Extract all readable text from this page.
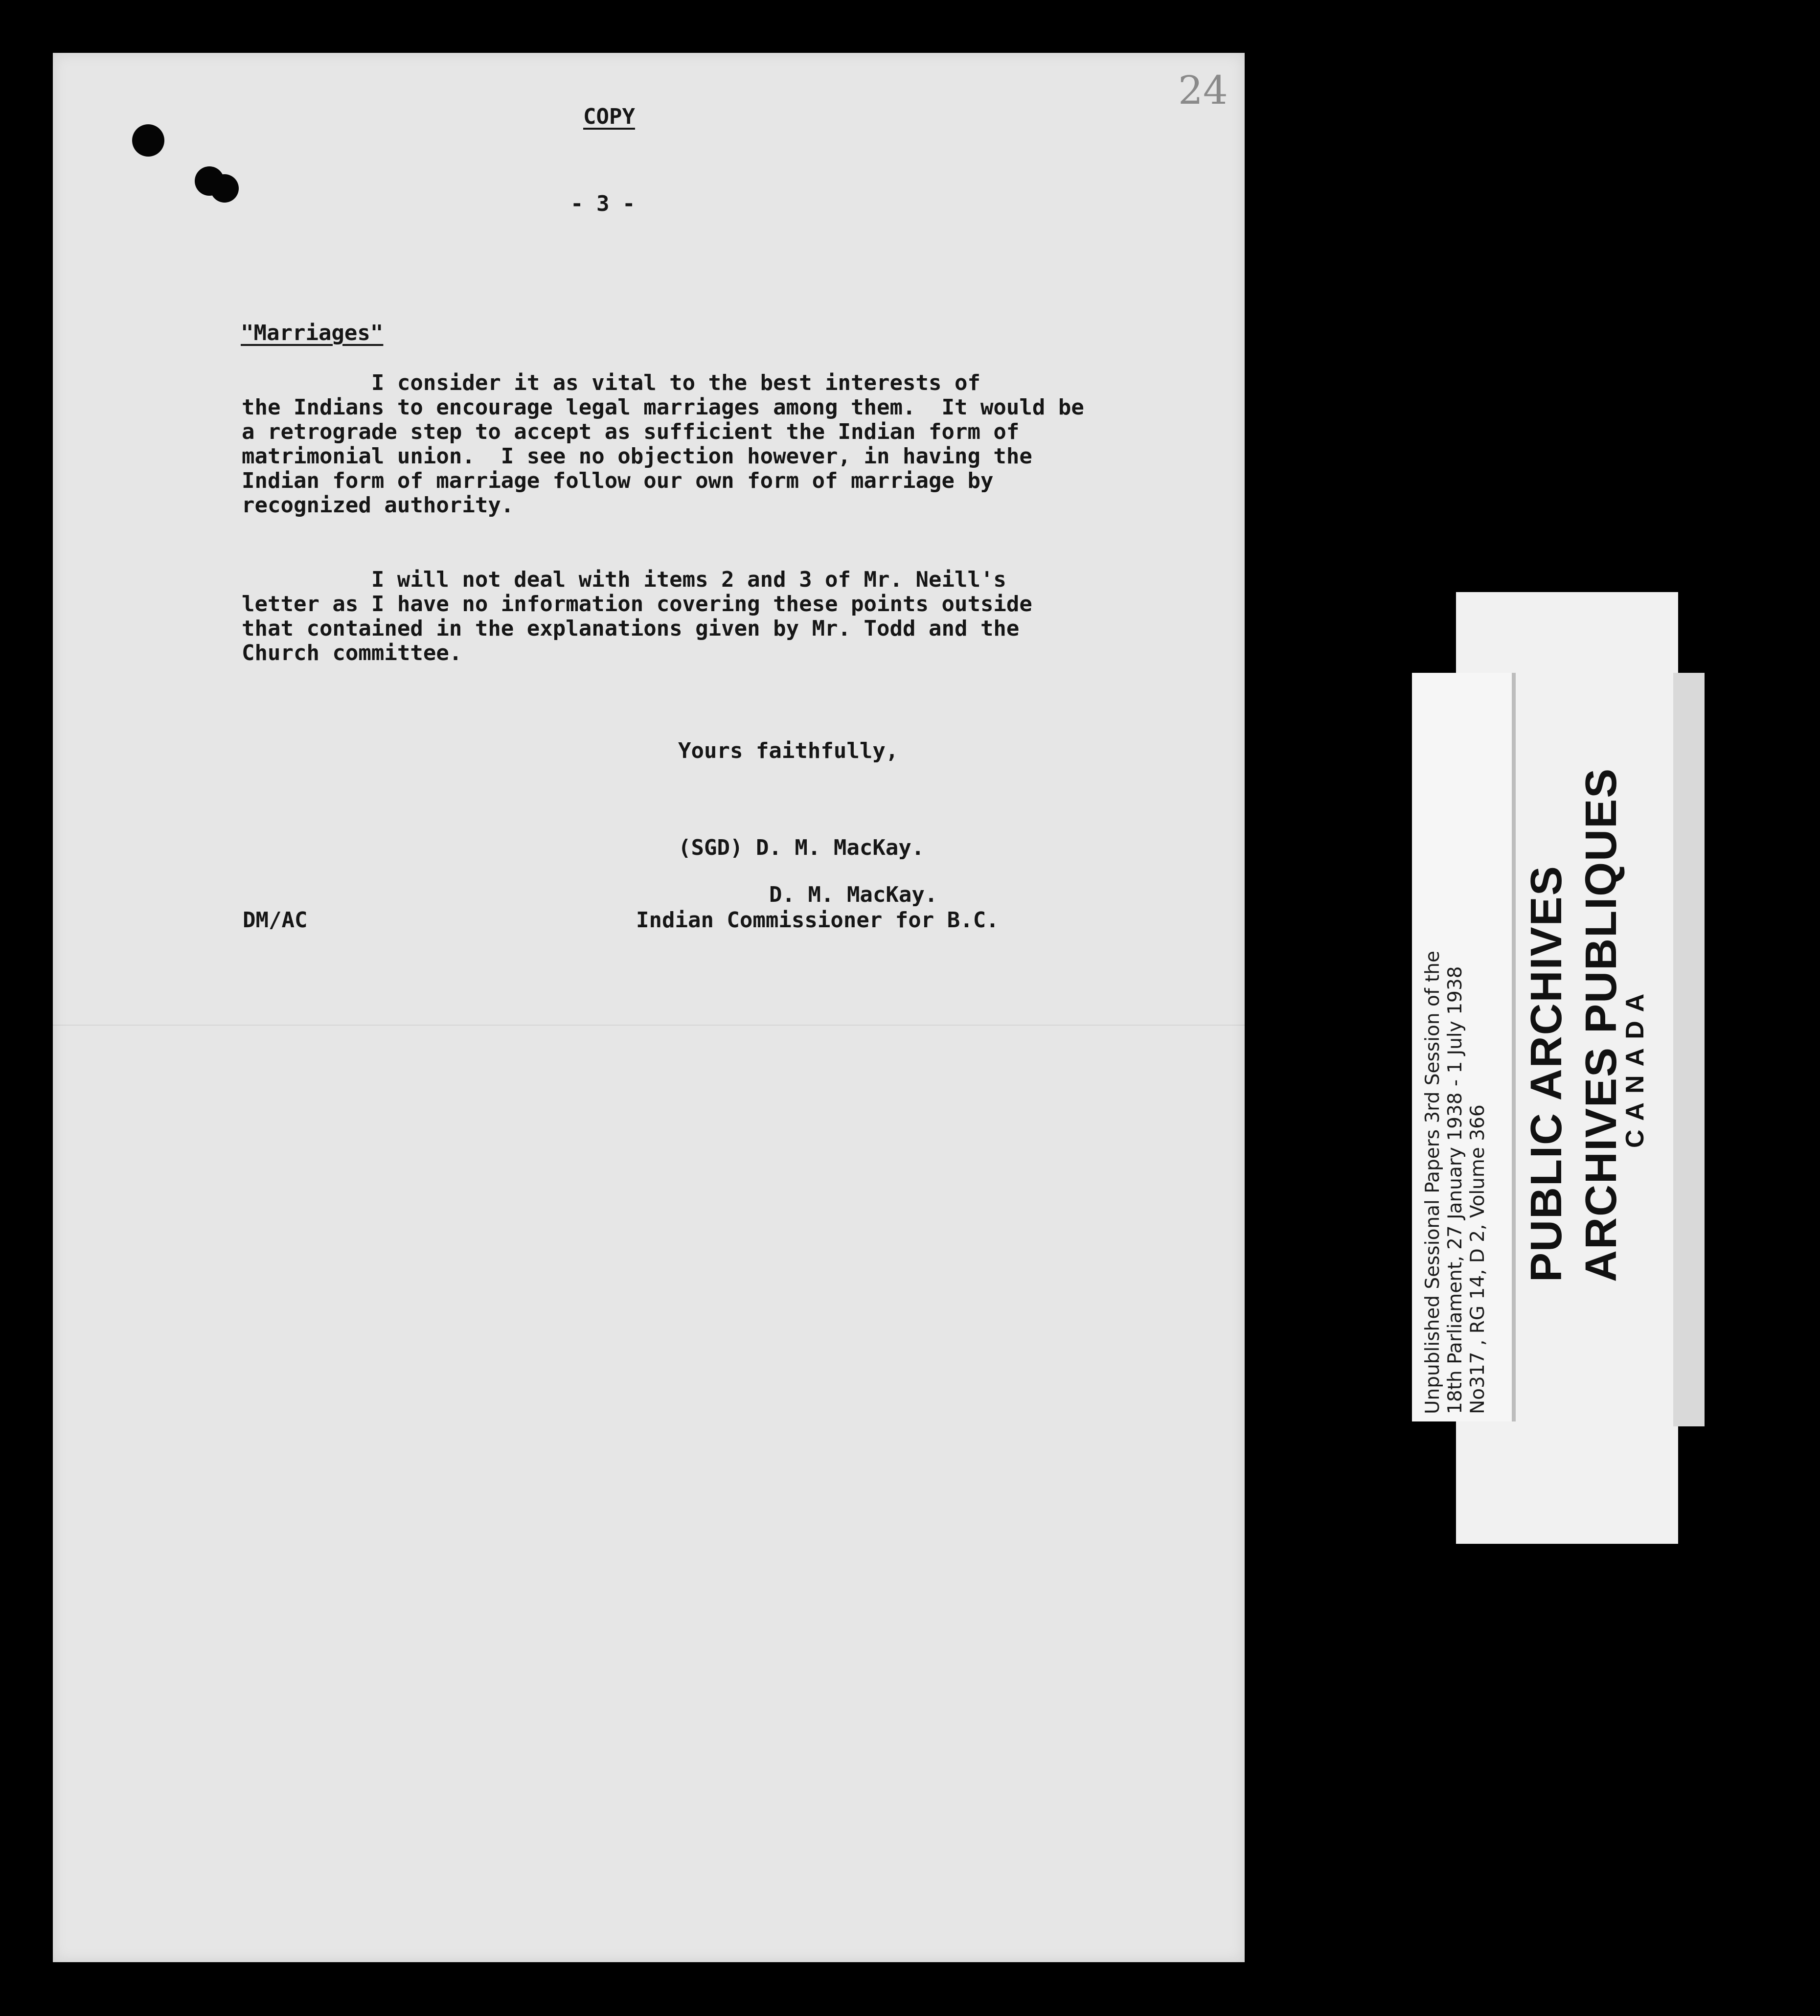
24
COPY
- 3 -
"Marriages"
I consider it as vital to the best interests of
the Indians to encourage legal marriages among them.  It would be
a retrograde step to accept as sufficient the Indian form of
matrimonial union.  I see no objection however, in having the
Indian form of marriage follow our own form of marriage by
recognized authority.
I will not deal with items 2 and 3 of Mr. Neill's
letter as I have no information covering these points outside
that contained in the explanations given by Mr. Todd and the
Church committee.
Yours faithfully,
(SGD) D. M. MacKay.
D. M. MacKay.
Indian Commissioner for B.C.
DM/AC
Unpublished Sessional Papers 3rd Session of the 18th Parliament, 27 January 1938 - 1 July 1938 No317 , RG 14, D 2, Volume 366 PUBLIC ARCHIVES ARCHIVES PUBLIQUES
CANADA
